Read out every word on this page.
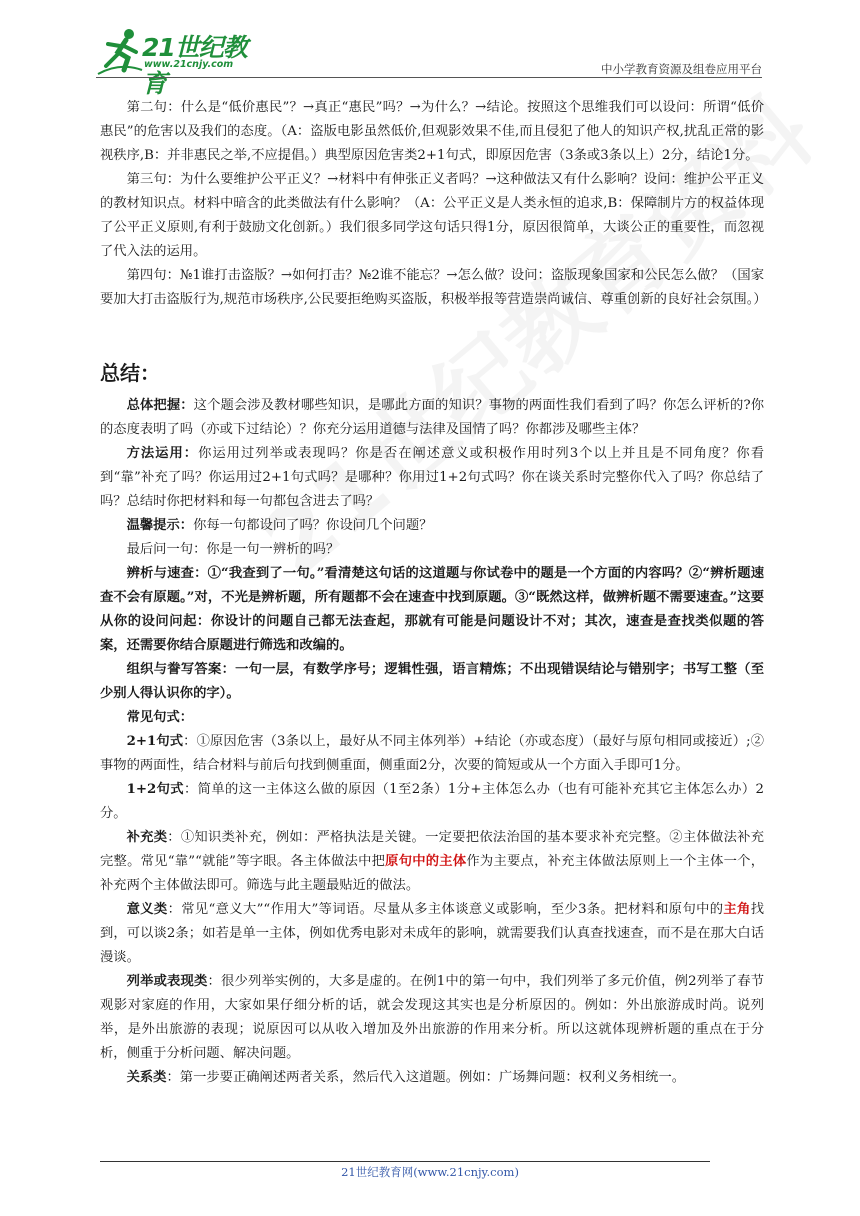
21世纪教育
www.21cnjy.com	中小学教育资源及组卷应用平台

第二句：什么是“低价惠民”？→真正“惠民”吗？→为什么？→结论。按照这个思维我们可以设问：所谓“低价惠民”的危害以及我们的态度。（A：盗版电影虽然低价,但观影效果不佳,而且侵犯了他人的知识产权,扰乱正常的影视秩序,B：并非惠民之举,不应提倡。）典型原因危害类2+1句式，即原因危害（3条或3条以上）2分，结论1分。

第三句：为什么要维护公平正义？→材料中有伸张正义者吗？→这种做法又有什么影响？设问：维护公平正义的教材知识点。材料中暗含的此类做法有什么影响？（A：公平正义是人类永恒的追求,B：保障制片方的权益体现了公平正义原则,有利于鼓励文化创新。）我们很多同学这句话只得1分，原因很简单，大谈公正的重要性，而忽视了代入法的运用。

第四句：№1谁打击盗版？→如何打击？№2谁不能忘？→怎么做？设问：盗版现象国家和公民怎么做？（国家要加大打击盗版行为,规范市场秩序,公民要拒绝购买盗版，积极举报等营造崇尚诚信、尊重创新的良好社会氛围。）

总结：

总体把握：这个题会涉及教材哪些知识，是哪此方面的知识？事物的两面性我们看到了吗？你怎么评析的?你的态度表明了吗（亦或下过结论）？你充分运用道德与法律及国情了吗？你都涉及哪些主体？

方法运用：你运用过列举或表现吗？你是否在阐述意义或积极作用时列3个以上并且是不同角度？你看到“靠”补充了吗？你运用过2+1句式吗？是哪种？你用过1+2句式吗？你在谈关系时完整你代入了吗？你总结了吗？总结时你把材料和每一句都包含进去了吗？

温馨提示：你每一句都设问了吗？你设问几个问题？

最后问一句：你是一句一辨析的吗？

辨析与速查：①“我查到了一句。”看清楚这句话的这道题与你试卷中的题是一个方面的内容吗？②“辨析题速查不会有原题。”对，不光是辨析题，所有题都不会在速查中找到原题。③“既然这样，做辨析题不需要速查。”这要从你的设问问起：你设计的问题自己都无法查起，那就有可能是问题设计不对；其次，速查是查找类似题的答案，还需要你结合原题进行筛选和改编的。

组织与誊写答案：一句一层，有数学序号；逻辑性强，语言精炼；不出现错误结论与错别字；书写工整（至少别人得认识你的字）。

常见句式：

2+1句式：①原因危害（3条以上，最好从不同主体列举）+结论（亦或态度）（最好与原句相同或接近）;②事物的两面性，结合材料与前后句找到侧重面，侧重面2分，次要的简短或从一个方面入手即可1分。

1+2句式：简单的这一主体这么做的原因（1至2条）1分+主体怎么办（也有可能补充其它主体怎么办）2分。

补充类：①知识类补充，例如：严格执法是关键。一定要把依法治国的基本要求补充完整。②主体做法补充完整。常见“靠”“就能”等字眼。各主体做法中把原句中的主体作为主要点，补充主体做法原则上一个主体一个，补充两个主体做法即可。筛选与此主题最贴近的做法。

意义类：常见“意义大”“作用大”等词语。尽量从多主体谈意义或影响，至少3条。把材料和原句中的主角找到，可以谈2条；如若是单一主体，例如优秀电影对未成年的影响，就需要我们认真查找速查，而不是在那大白话漫谈。

列举或表现类：很少列举实例的，大多是虚的。在例1中的第一句中，我们列举了多元价值，例2列举了春节观影对家庭的作用，大家如果仔细分析的话，就会发现这其实也是分析原因的。例如：外出旅游成时尚。说列举，是外出旅游的表现；说原因可以从收入增加及外出旅游的作用来分析。所以这就体现辨析题的重点在于分析，侧重于分析问题、解决问题。

关系类：第一步要正确阐述两者关系，然后代入这道题。例如：广场舞问题：权利义务相统一。

21世纪教育网(www.21cnjy.com)
